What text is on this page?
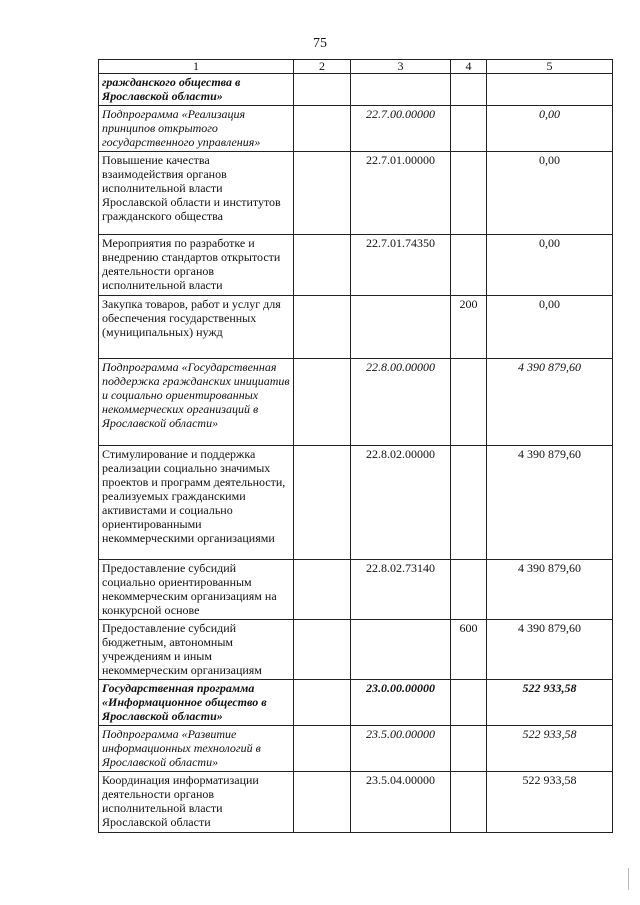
75
1	2	3	4	5
гражданского общества в Ярославской области»				
Подпрограмма «Реализация принципов открытого государственного управления»		22.7.00.00000		0,00
Повышение качества взаимодействия органов исполнительной власти Ярославской области и институтов гражданского общества		22.7.01.00000		0,00
Мероприятия по разработке и внедрению стандартов открытости деятельности органов исполнительной власти		22.7.01.74350		0,00
Закупка товаров, работ и услуг для обеспечения государственных (муниципальных) нужд			200	0,00
Подпрограмма «Государственная поддержка гражданских инициатив и социально ориентированных некоммерческих организаций в Ярославской области»		22.8.00.00000		4 390 879,60
Стимулирование и поддержка реализации социально значимых проектов и программ деятельности, реализуемых гражданскими активистами и социально ориентированными некоммерческими организациями		22.8.02.00000		4 390 879,60
Предоставление субсидий социально ориентированным некоммерческим организациям на конкурсной основе		22.8.02.73140		4 390 879,60
Предоставление субсидий бюджетным, автономным учреждениям и иным некоммерческим организациям			600	4 390 879,60
Государственная программа «Информационное общество в Ярославской области»		23.0.00.00000		522 933,58
Подпрограмма «Развитие информационных технологий в Ярославской области»		23.5.00.00000		522 933,58
Координация информатизации деятельности органов исполнительной власти Ярославской области		23.5.04.00000		522 933,58
